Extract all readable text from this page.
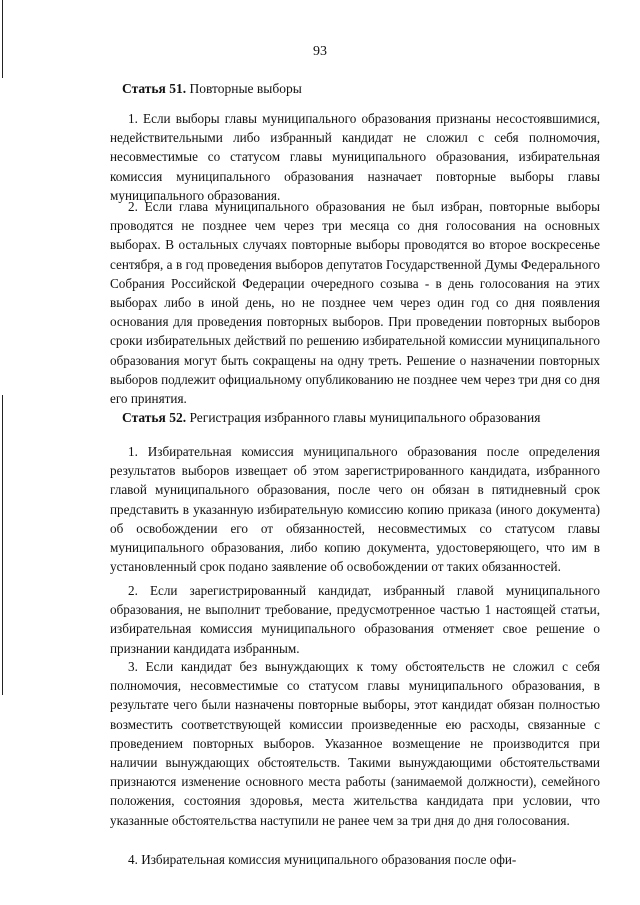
93
Статья 51. Повторные выборы

1. Если выборы главы муниципального образования признаны несостоявшимися, недействительными либо избранный кандидат не сложил с себя полномочия, несовместимые со статусом главы муниципального образования, избирательная комиссия муниципального образования назначает повторные выборы главы муниципального образования.

2. Если глава муниципального образования не был избран, повторные выборы проводятся не позднее чем через три месяца со дня голосования на основных выборах. В остальных случаях повторные выборы проводятся во второе воскресенье сентября, а в год проведения выборов депутатов Государственной Думы Федерального Собрания Российской Федерации очередного созыва - в день голосования на этих выборах либо в иной день, но не позднее чем через один год со дня появления основания для проведения повторных выборов. При проведении повторных выборов сроки избирательных действий по решению избирательной комиссии муниципального образования могут быть сокращены на одну треть. Решение о назначении повторных выборов подлежит официальному опубликованию не позднее чем через три дня со дня его принятия.

Статья 52. Регистрация избранного главы муниципального образования

1. Избирательная комиссия муниципального образования после определения результатов выборов извещает об этом зарегистрированного кандидата, избранного главой муниципального образования, после чего он обязан в пятидневный срок представить в указанную избирательную комиссию копию приказа (иного документа) об освобождении его от обязанностей, несовместимых со статусом главы муниципального образования, либо копию документа, удостоверяющего, что им в установленный срок подано заявление об освобождении от таких обязанностей.

2. Если зарегистрированный кандидат, избранный главой муниципального образования, не выполнит требование, предусмотренное частью 1 настоящей статьи, избирательная комиссия муниципального образования отменяет свое решение о признании кандидата избранным.

3. Если кандидат без вынуждающих к тому обстоятельств не сложил с себя полномочия, несовместимые со статусом главы муниципального образования, в результате чего были назначены повторные выборы, этот кандидат обязан полностью возместить соответствующей комиссии произведенные ею расходы, связанные с проведением повторных выборов. Указанное возмещение не производится при наличии вынуждающих обстоятельств. Такими вынуждающими обстоятельствами признаются изменение основного места работы (занимаемой должности), семейного положения, состояния здоровья, места жительства кандидата при условии, что указанные обстоятельства наступили не ранее чем за три дня до дня голосования.

4. Избирательная комиссия муниципального образования после офи-
